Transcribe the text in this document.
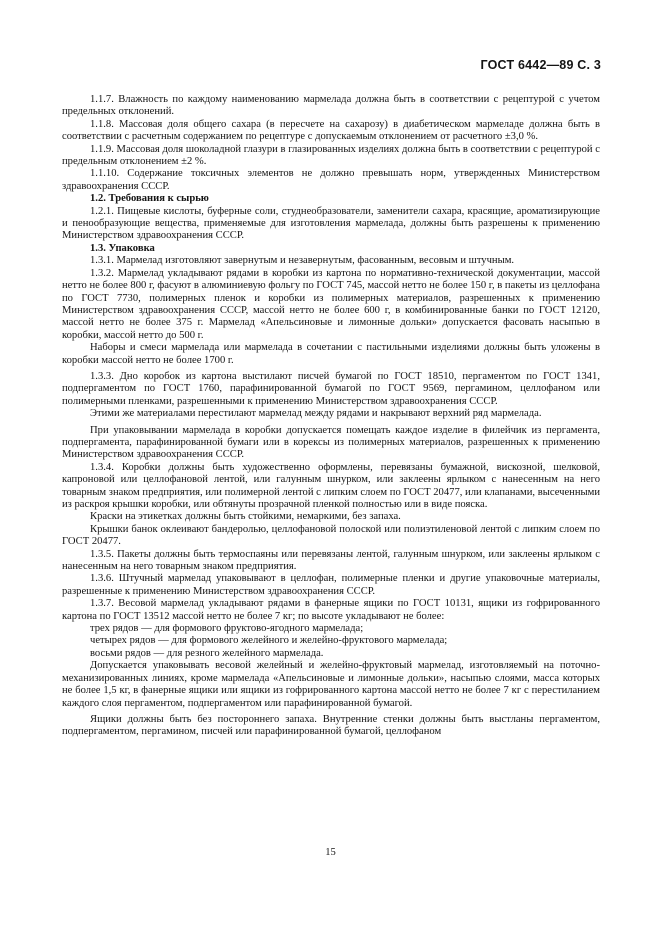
ГОСТ 6442—89 С. 3

1.1.7. Влажность по каждому наименованию мармелада должна быть в соответствии с рецептурой с учетом предельных отклонений.

1.1.8. Массовая доля общего сахара (в пересчете на сахарозу) в диабетическом мармеладе должна быть в соответствии с расчетным содержанием по рецептуре с допускаемым отклонением от расчетного ±3,0 %.

1.1.9. Массовая доля шоколадной глазури в глазированных изделиях должна быть в соответствии с рецептурой с предельным отклонением ±2 %.

1.1.10. Содержание токсичных элементов не должно превышать норм, утвержденных Министерством здравоохранения СССР.

1.2. Требования к сырью

1.2.1. Пищевые кислоты, буферные соли, студнеобразователи, заменители сахара, красящие, ароматизирующие и пенообразующие вещества, применяемые для изготовления мармелада, должны быть разрешены к применению Министерством здравоохранения СССР.

1.3. Упаковка

1.3.1. Мармелад изготовляют завернутым и незавернутым, фасованным, весовым и штучным.

1.3.2. Мармелад укладывают рядами в коробки из картона по нормативно-технической документации, массой нетто не более 800 г, фасуют в алюминиевую фольгу по ГОСТ 745, массой нетто не более 150 г, в пакеты из целлофана по ГОСТ 7730, полимерных пленок и коробки из полимерных материалов, разрешенных к применению Министерством здравоохранения СССР, массой нетто не более 600 г, в комбинированные банки по ГОСТ 12120, массой нетто не более 375 г. Мармелад «Апельсиновые и лимонные дольки» допускается фасовать насыпью в коробки, массой нетто до 500 г.

Наборы и смеси мармелада или мармелада в сочетании с пастильными изделиями должны быть уложены в коробки массой нетто не более 1700 г.

1.3.3. Дно коробок из картона выстилают писчей бумагой по ГОСТ 18510, пергаментом по ГОСТ 1341, подпергаментом по ГОСТ 1760, парафинированной бумагой по ГОСТ 9569, пергамином, целлофаном или полимерными пленками, разрешенными к применению Министерством здравоохранения СССР.

Этими же материалами перестилают мармелад между рядами и накрывают верхний ряд мармелада.

При упаковывании мармелада в коробки допускается помещать каждое изделие в филейчик из пергамента, подпергамента, парафинированной бумаги или в корексы из полимерных материалов, разрешенных к применению Министерством здравоохранения СССР.

1.3.4. Коробки должны быть художественно оформлены, перевязаны бумажной, вискозной, шелковой, капроновой или целлофановой лентой, или галунным шнурком, или заклеены ярлыком с нанесенным на него товарным знаком предприятия, или полимерной лентой с липким слоем по ГОСТ 20477, или клапанами, высеченными из раскроя крышки коробки, или обтянуты прозрачной пленкой полностью или в виде пояска.

Краски на этикетках должны быть стойкими, немаркими, без запаха.

Крышки банок оклеивают бандеролью, целлофановой полоской или полиэтиленовой лентой с липким слоем по ГОСТ 20477.

1.3.5. Пакеты должны быть термоспаяны или перевязаны лентой, галунным шнурком, или заклеены ярлыком с нанесенным на него товарным знаком предприятия.

1.3.6. Штучный мармелад упаковывают в целлофан, полимерные пленки и другие упаковочные материалы, разрешенные к применению Министерством здравоохранения СССР.

1.3.7. Весовой мармелад укладывают рядами в фанерные ящики по ГОСТ 10131, ящики из гофрированного картона по ГОСТ 13512 массой нетто не более 7 кг; по высоте укладывают не более:

трех рядов — для формового фруктово-ягодного мармелада;

четырех рядов — для формового желейного и желейно-фруктового мармелада;

восьми рядов — для резного желейного мармелада.

Допускается упаковывать весовой желейный и желейно-фруктовый мармелад, изготовляемый на поточно-механизированных линиях, кроме мармелада «Апельсиновые и лимонные дольки», насыпью слоями, масса которых не более 1,5 кг, в фанерные ящики или ящики из гофрированного картона массой нетто не более 7 кг с перестиланием каждого слоя пергаментом, подпергаментом или парафинированной бумагой.

Ящики должны быть без постороннего запаха. Внутренние стенки должны быть выстланы пергаментом, подпергаментом, пергамином, писчей или парафинированной бумагой, целлофаном

15
